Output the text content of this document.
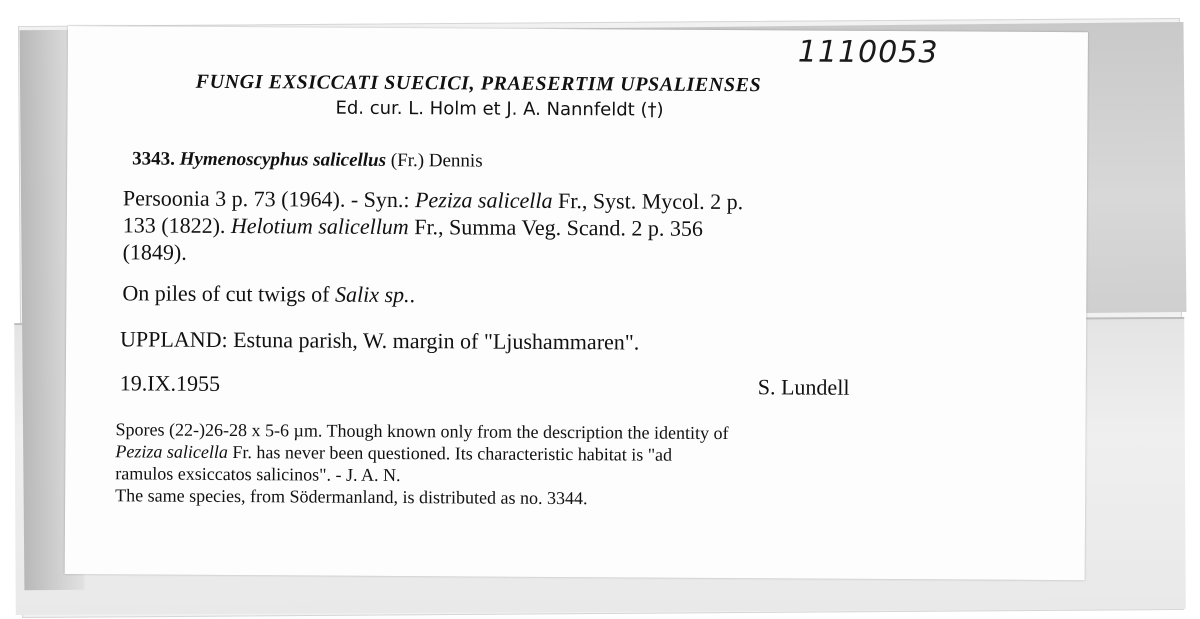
1110053
FUNGI EXSICCATI SUECICI, PRAESERTIM UPSALIENSES
Ed. cur. L. Holm et J. A. Nannfeldt (†)
3343. Hymenoscyphus salicellus (Fr.) Dennis
Persoonia 3 p. 73 (1964). - Syn.: Peziza salicella Fr., Syst. Mycol. 2 p.
133 (1822). Helotium salicellum Fr., Summa Veg. Scand. 2 p. 356
(1849).
On piles of cut twigs of Salix sp..
UPPLAND: Estuna parish, W. margin of "Ljushammaren".
19.IX.1955	S. Lundell
Spores (22-)26-28 x 5-6 µm. Though known only from the description the identity of
Peziza salicella Fr. has never been questioned. Its characteristic habitat is "ad
ramulos exsiccatos salicinos". - J. A. N.
The same species, from Södermanland, is distributed as no. 3344.
